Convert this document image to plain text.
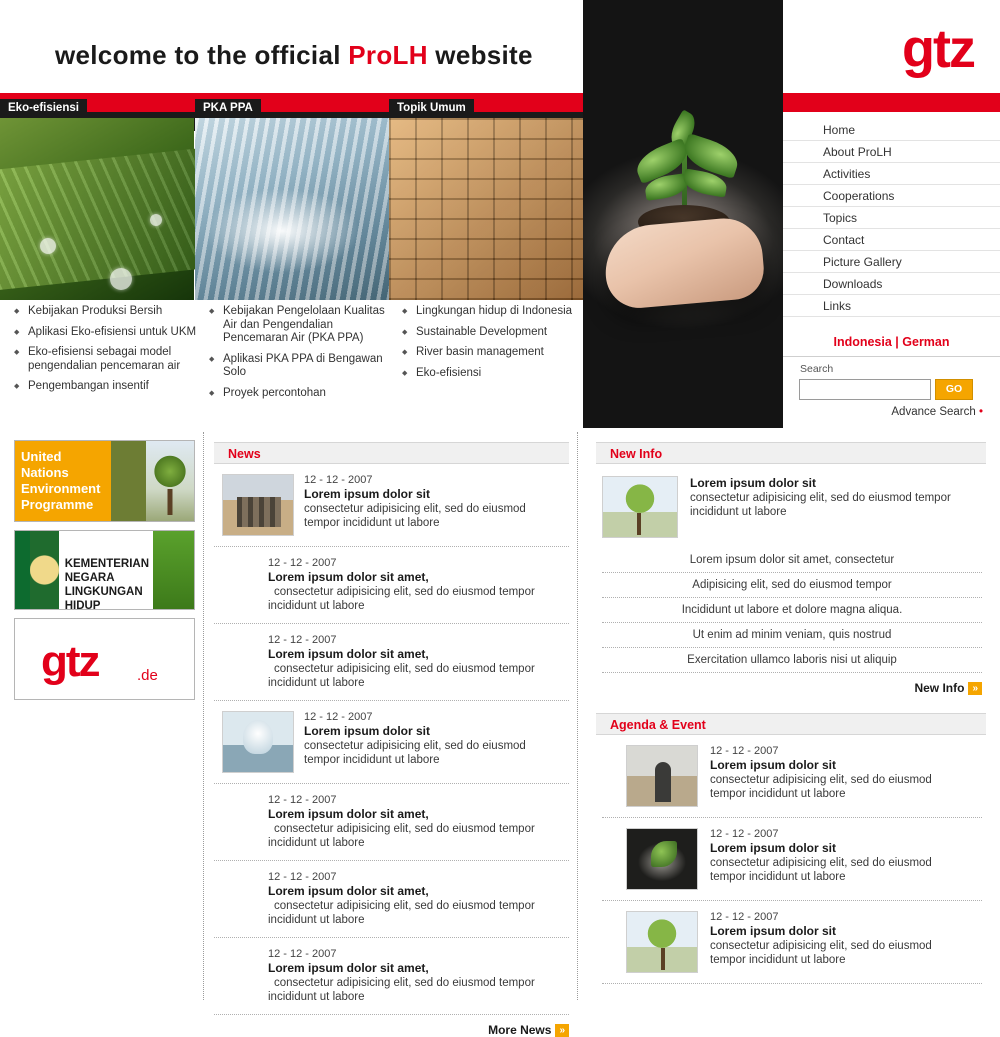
welcome to the official ProLH website	gtz
Home
About ProLH
Activities
Cooperations
Topics
Contact
Picture Gallery
Downloads
Links
Indonesia | German
Search
GO
Advance Search •
Eko-efisiensi	PKA PPA	Topik Umum
◆ Kebijakan Produksi Bersih
◆ Aplikasi Eko-efisiensi untuk UKM
◆ Eko-efisiensi sebagai model pengendalian pencemaran air
◆ Pengembangan insentif
◆ Kebijakan Pengelolaan Kualitas Air dan Pengendalian Pencemaran Air (PKA PPA)
◆ Aplikasi PKA PPA di Bengawan Solo
◆ Proyek percontohan
◆ Lingkungan hidup di Indonesia
◆ Sustainable Development
◆ River basin management
◆ Eko-efisiensi
United
Nations
Environment
Programme
KEMENTERIAN NEGARA
LINGKUNGAN HIDUP
gtz	.de
News
12 - 12 - 2007
Lorem ipsum dolor sit
consectetur adipisicing elit, sed do eiusmod tempor incididunt ut labore
12 - 12 - 2007
Lorem ipsum dolor sit amet,
consectetur adipisicing elit, sed do eiusmod tempor incididunt ut labore
12 - 12 - 2007
Lorem ipsum dolor sit amet,
consectetur adipisicing elit, sed do eiusmod tempor incididunt ut labore
12 - 12 - 2007
Lorem ipsum dolor sit
consectetur adipisicing elit, sed do eiusmod tempor incididunt ut labore
12 - 12 - 2007
Lorem ipsum dolor sit amet,
consectetur adipisicing elit, sed do eiusmod tempor incididunt ut labore
12 - 12 - 2007
Lorem ipsum dolor sit amet,
consectetur adipisicing elit, sed do eiusmod tempor incididunt ut labore
12 - 12 - 2007
Lorem ipsum dolor sit amet,
consectetur adipisicing elit, sed do eiusmod tempor incididunt ut labore
More News »
New Info
Lorem ipsum dolor sit
consectetur adipisicing elit, sed do eiusmod tempor incididunt ut labore
Lorem ipsum dolor sit amet, consectetur
Adipisicing elit, sed do eiusmod tempor
Incididunt ut labore et dolore magna aliqua.
Ut enim ad minim veniam, quis nostrud
Exercitation ullamco laboris nisi ut aliquip
New Info »
Agenda & Event
12 - 12 - 2007
Lorem ipsum dolor sit
consectetur adipisicing elit, sed do eiusmod tempor incididunt ut labore
12 - 12 - 2007
Lorem ipsum dolor sit
consectetur adipisicing elit, sed do eiusmod tempor incididunt ut labore
12 - 12 - 2007
Lorem ipsum dolor sit
consectetur adipisicing elit, sed do eiusmod tempor incididunt ut labore
